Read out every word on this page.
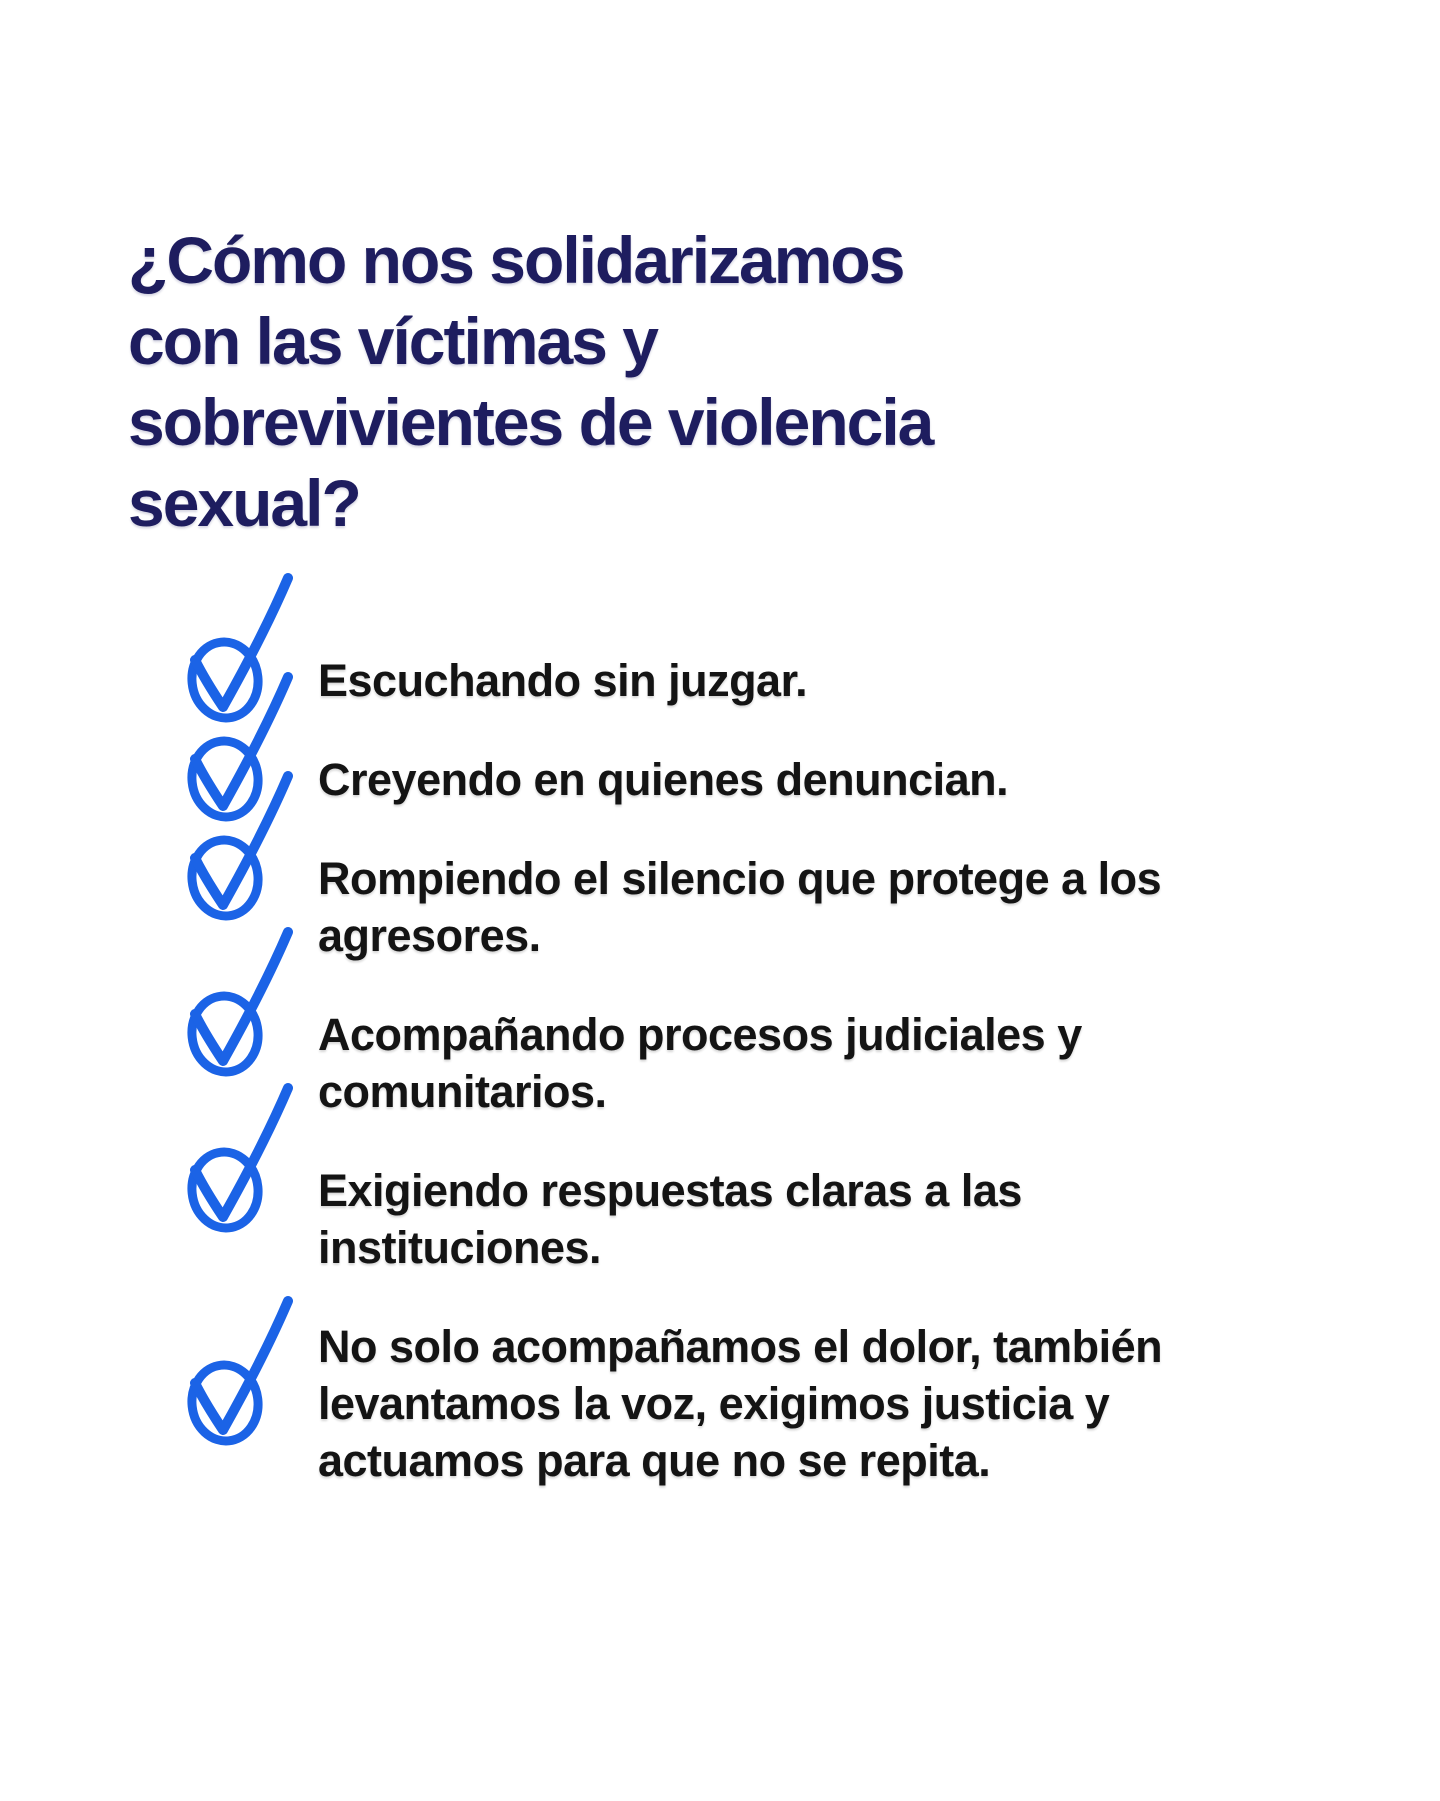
¿Cómo nos solidarizamos
con las víctimas y
sobrevivientes de violencia
sexual?
Escuchando sin juzgar.
Creyendo en quienes denuncian.
Rompiendo el silencio que protege a los
agresores.
Acompañando procesos judiciales y
comunitarios.
Exigiendo respuestas claras a las
instituciones.
No solo acompañamos el dolor, también
levantamos la voz, exigimos justicia y
actuamos para que no se repita.
